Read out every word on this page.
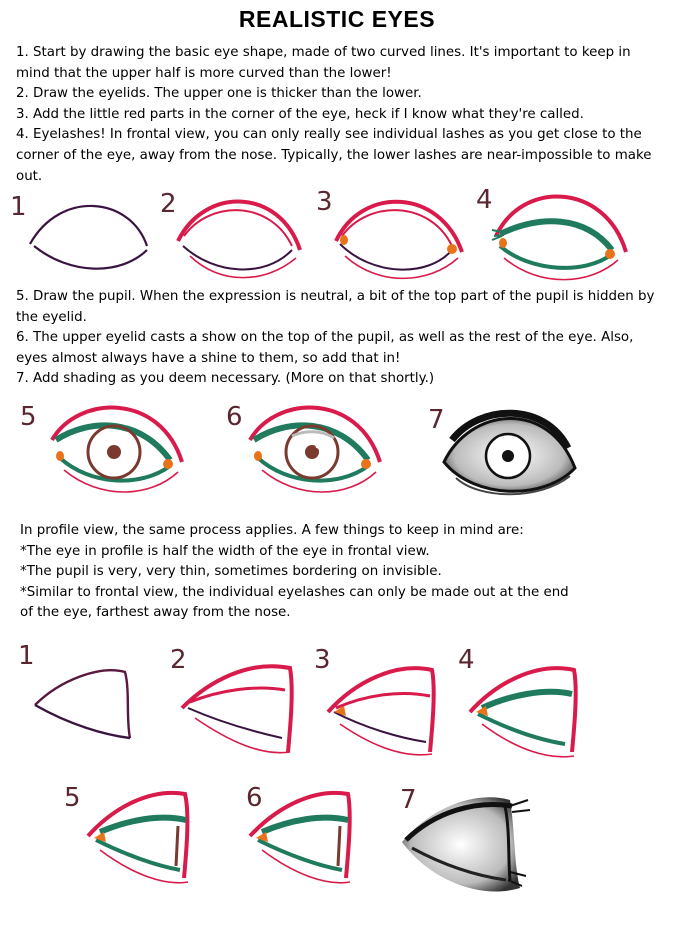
REALISTIC EYES
1. Start by drawing the basic eye shape, made of two curved lines. It's important to keep in mind that the upper half is more curved than the lower!
2. Draw the eyelids. The upper one is thicker than the lower.
3. Add the little red parts in the corner of the eye, heck if I know what they're called.
4. Eyelashes! In frontal view, you can only really see individual lashes as you get close to the corner of the eye, away from the nose. Typically, the lower lashes are near-impossible to make out.
5. Draw the pupil. When the expression is neutral, a bit of the top part of the pupil is hidden by the eyelid.
6. The upper eyelid casts a show on the top of the pupil, as well as the rest of the eye. Also, eyes almost always have a shine to them, so add that in!
7. Add shading as you deem necessary. (More on that shortly.)
In profile view, the same process applies. A few things to keep in mind are:
*The eye in profile is half the width of the eye in frontal view.
*The pupil is very, very thin, sometimes bordering on invisible.
*Similar to frontal view, the individual eyelashes can only be made out at the end of the eye, farthest away from the nose.
1	2	3	4
5	6	7
1	2	3	4
5	6	7
